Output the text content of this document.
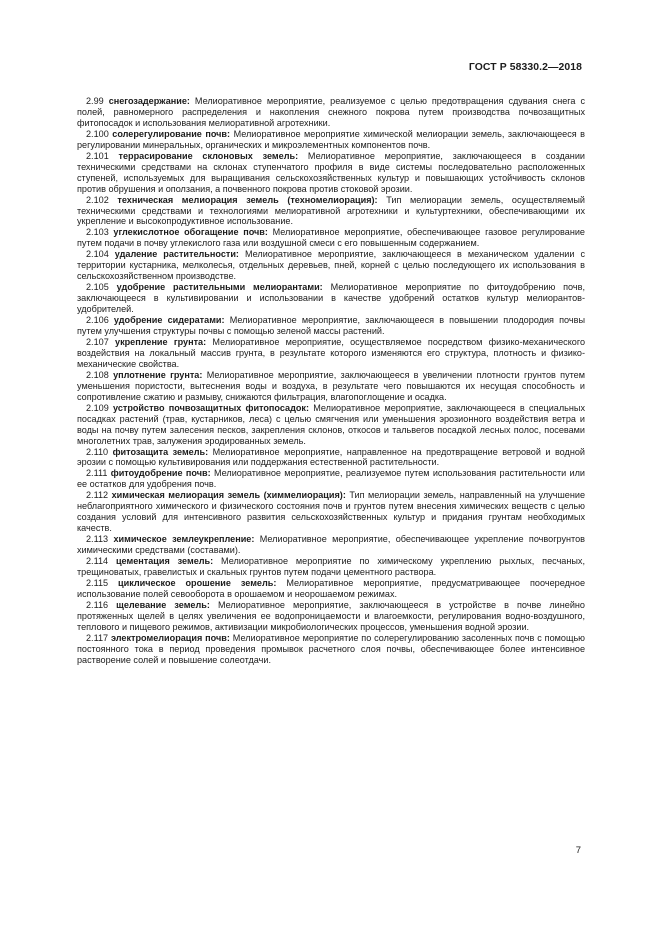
ГОСТ Р 58330.2—2018

2.99 снегозадержание: Мелиоративное мероприятие, реализуемое с целью предотвращения сдувания снега с полей, равномерного распределения и накопления снежного покрова путем производства почвозащитных фитопосадок и использования мелиоративной агротехники.

2.100 солерегулирование почв: Мелиоративное мероприятие химической мелиорации земель, заключающееся в регулировании минеральных, органических и микроэлементных компонентов почв.

2.101 террасирование склоновых земель: Мелиоративное мероприятие, заключающееся в создании техническими средствами на склонах ступенчатого профиля в виде системы последовательно расположенных ступеней, используемых для выращивания сельскохозяйственных культур и повышающих устойчивость склонов против обрушения и оползания, а почвенного покрова против стоковой эрозии.

2.102 техническая мелиорация земель (техномелиорация): Тип мелиорации земель, осуществляемый техническими средствами и технологиями мелиоративной агротехники и культуртехники, обеспечивающими их укрепление и высокопродуктивное использование.

2.103 углекислотное обогащение почв: Мелиоративное мероприятие, обеспечивающее газовое регулирование путем подачи в почву углекислого газа или воздушной смеси с его повышенным содержанием.

2.104 удаление растительности: Мелиоративное мероприятие, заключающееся в механическом удалении с территории кустарника, мелколесья, отдельных деревьев, пней, корней с целью последующего их использования в сельскохозяйственном производстве.

2.105 удобрение растительными мелиорантами: Мелиоративное мероприятие по фитоудобрению почв, заключающееся в культивировании и использовании в качестве удобрений остатков культур мелиорантов-удобрителей.

2.106 удобрение сидератами: Мелиоративное мероприятие, заключающееся в повышении плодородия почвы путем улучшения структуры почвы с помощью зеленой массы растений.

2.107 укрепление грунта: Мелиоративное мероприятие, осуществляемое посредством физико-механического воздействия на локальный массив грунта, в результате которого изменяются его структура, плотность и физико-механические свойства.

2.108 уплотнение грунта: Мелиоративное мероприятие, заключающееся в увеличении плотности грунтов путем уменьшения пористости, вытеснения воды и воздуха, в результате чего повышаются их несущая способность и сопротивление сжатию и размыву, снижаются фильтрация, влагопоглощение и осадка.

2.109 устройство почвозащитных фитопосадок: Мелиоративное мероприятие, заключающееся в специальных посадках растений (трав, кустарников, леса) с целью смягчения или уменьшения эрозионного воздействия ветра и воды на почву путем залесения песков, закрепления склонов, откосов и тальвегов посадкой лесных полос, посевами многолетних трав, залужения эродированных земель.

2.110 фитозащита земель: Мелиоративное мероприятие, направленное на предотвращение ветровой и водной эрозии с помощью культивирования или поддержания естественной растительности.

2.111 фитоудобрение почв: Мелиоративное мероприятие, реализуемое путем использования растительности или ее остатков для удобрения почв.

2.112 химическая мелиорация земель (химмелиорация): Тип мелиорации земель, направленный на улучшение неблагоприятного химического и физического состояния почв и грунтов путем внесения химических веществ с целью создания условий для интенсивного развития сельскохозяйственных культур и придания грунтам необходимых качеств.

2.113 химическое землеукрепление: Мелиоративное мероприятие, обеспечивающее укрепление почвогрунтов химическими средствами (составами).

2.114 цементация земель: Мелиоративное мероприятие по химическому укреплению рыхлых, песчаных, трещиноватых, гравелистых и скальных грунтов путем подачи цементного раствора.

2.115 циклическое орошение земель: Мелиоративное мероприятие, предусматривающее поочередное использование полей севооборота в орошаемом и неорошаемом режимах.

2.116 щелевание земель: Мелиоративное мероприятие, заключающееся в устройстве в почве линейно протяженных щелей в целях увеличения ее водопроницаемости и влагоемкости, регулирования водно-воздушного, теплового и пищевого режимов, активизации микробиологических процессов, уменьшения водной эрозии.

2.117 электромелиорация почв: Мелиоративное мероприятие по солерегулированию засоленных почв с помощью постоянного тока в период проведения промывок расчетного слоя почвы, обеспечивающее более интенсивное растворение солей и повышение солеотдачи.

7
